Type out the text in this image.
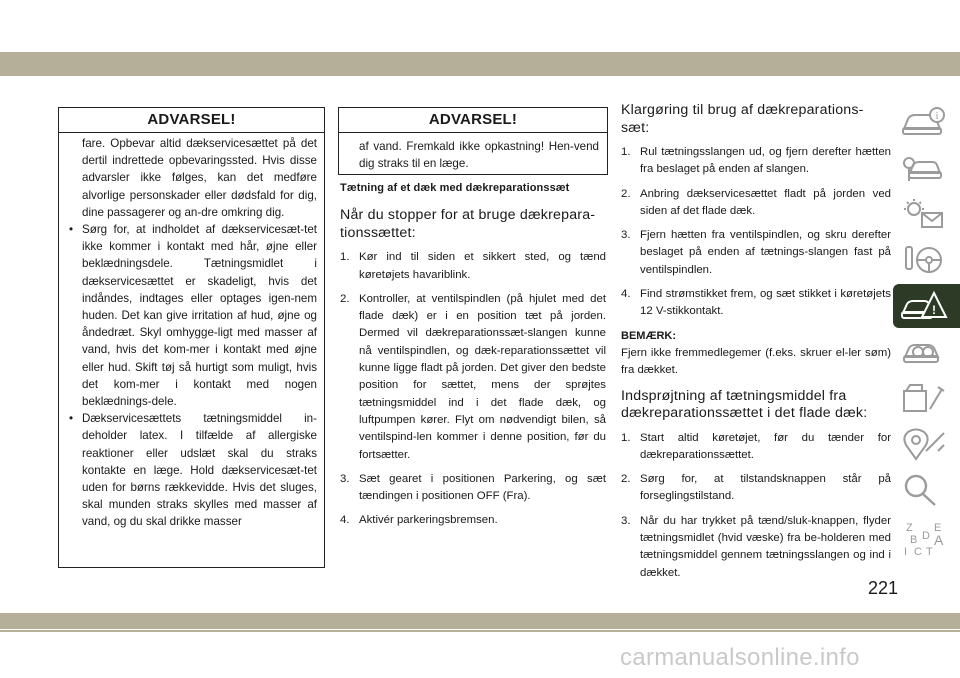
ADVARSEL!

fare. Opbevar altid dækservicesættet på det dertil indrettede opbevaringssted. Hvis disse advarsler ikke følges, kan det medføre alvorlige personskader eller dødsfald for dig, dine passagerer og an-dre omkring dig.

• Sørg for, at indholdet af dækservicesæt-tet ikke kommer i kontakt med hår, øjne eller beklædningsdele. Tætningsmidlet i dækservicesættet er skadeligt, hvis det indåndes, indtages eller optages igen-nem huden. Det kan give irritation af hud, øjne og åndedræt. Skyl omhygge-ligt med masser af vand, hvis det kom-mer i kontakt med øjne eller hud. Skift tøj så hurtigt som muligt, hvis det kom-mer i kontakt med nogen beklædnings-dele.

• Dækservicesættets tætningsmiddel in-deholder latex. I tilfælde af allergiske reaktioner eller udslæt skal du straks kontakte en læge. Hold dækservicesæt-tet uden for børns rækkevidde. Hvis det sluges, skal munden straks skylles med masser af vand, og du skal drikke masser

ADVARSEL!
af vand. Fremkald ikke opkastning! Hen-vend dig straks til en læge.

Tætning af et dæk med dækreparationssæt

Når du stopper for at bruge dækrepara-tionssættet:

1. Kør ind til siden et sikkert sted, og tænd køretøjets havariblink.
2. Kontroller, at ventilspindlen (på hjulet med det flade dæk) er i en position tæt på jorden. Dermed vil dækreparationssæt-slangen kunne nå ventilspindlen, og dæk-reparationssættet vil kunne ligge fladt på jorden. Det giver den bedste position for sættet, mens der sprøjtes tætningsmiddel ind i det flade dæk, og luftpumpen kører. Flyt om nødvendigt bilen, så ventilspind-len kommer i denne position, før du fortsætter.
3. Sæt gearet i positionen Parkering, og sæt tændingen i positionen OFF (Fra).
4. Aktivér parkeringsbremsen.

Klargøring til brug af dækreparations-sæt:

1. Rul tætningsslangen ud, og fjern derefter hætten fra beslaget på enden af slangen.
2. Anbring dækservicesættet fladt på jorden ved siden af det flade dæk.
3. Fjern hætten fra ventilspindlen, og skru derefter beslaget på enden af tætnings-slangen fast på ventilspindlen.
4. Find strømstikket frem, og sæt stikket i køretøjets 12 V-stikkontakt.

BEMÆRK:

Fjern ikke fremmedlegemer (f.eks. skruer el-ler søm) fra dækket.

Indsprøjtning af tætningsmiddel fra dækreparationssættet i det flade dæk:

1. Start altid køretøjet, før du tænder for dækreparationssættet.
2. Sørg for, at tilstandsknappen står på forseglingstilstand.
3. Når du har trykket på tænd/sluk-knappen, flyder tætningsmidlet (hvid væske) fra be-holderen med tætningsmiddel gennem tætningsslangen og ind i dækket.
i
!
Z E
B D A
I C T
221
carmanualsonline.info
